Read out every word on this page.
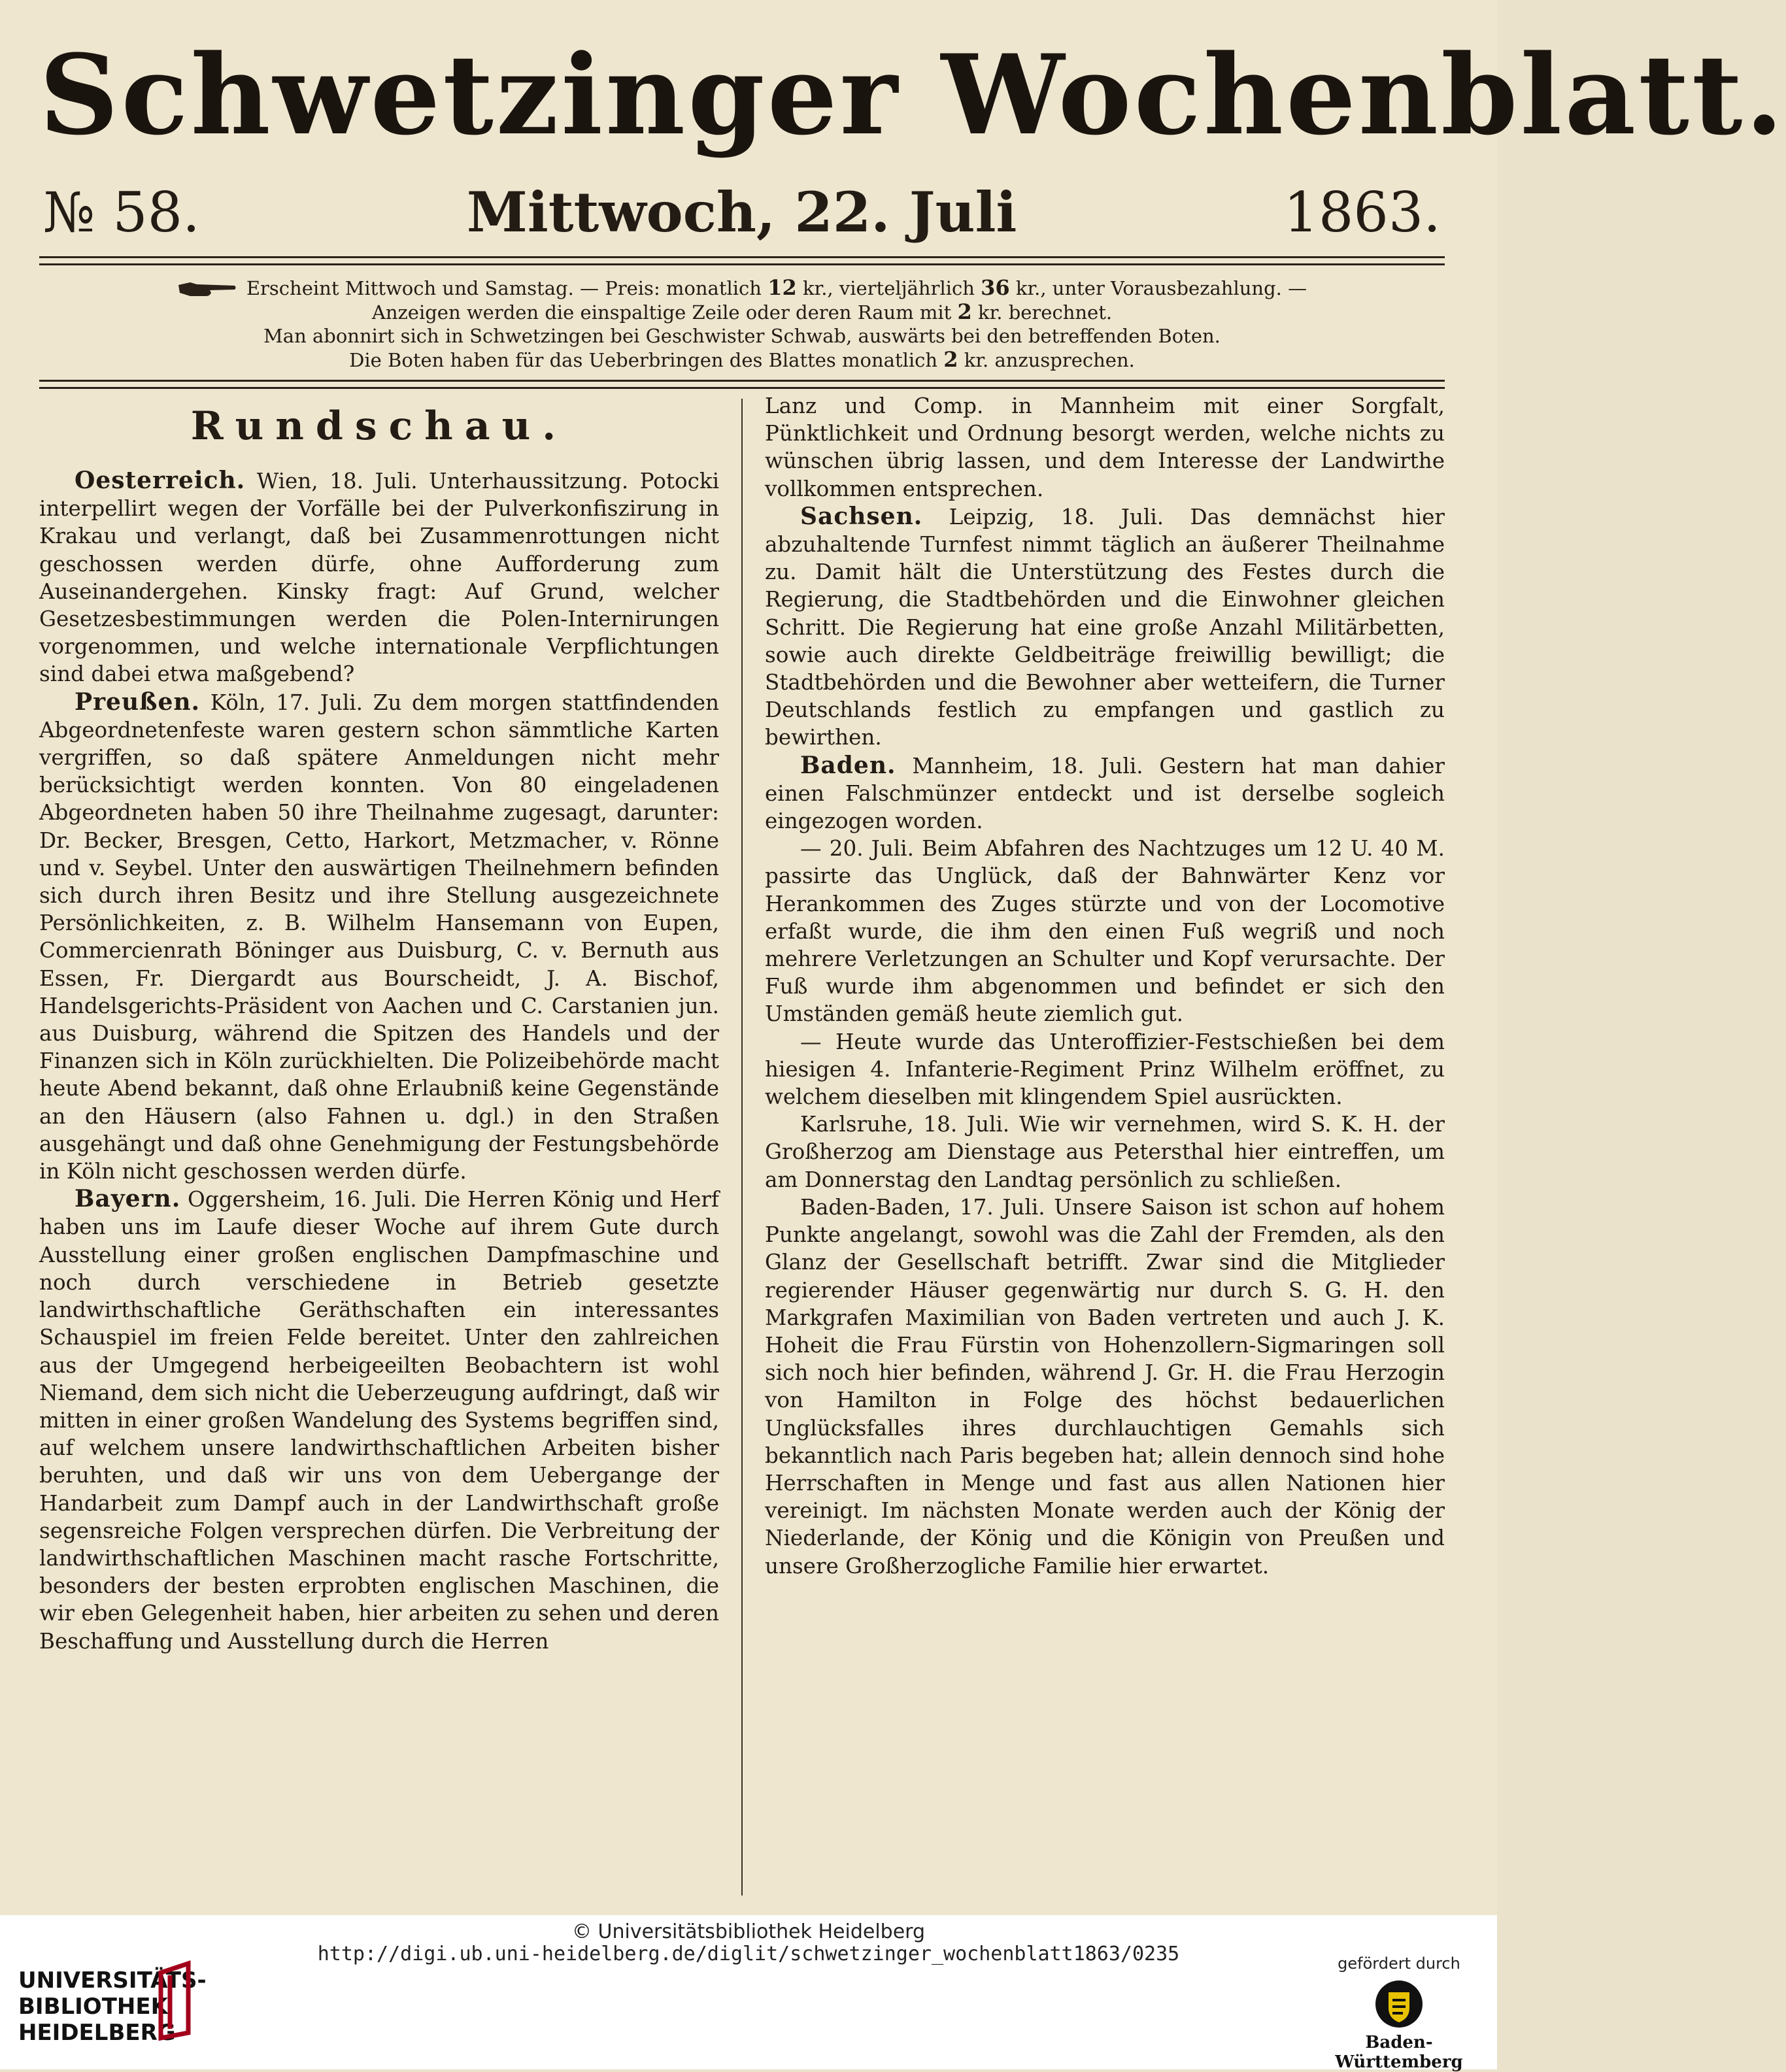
Schwetzinger Wochenblatt.
№ 58.	Mittwoch, 22. Juli	1863.
Erscheint Mittwoch und Samstag. — Preis: monatlich 12 kr., vierteljährlich 36 kr., unter Vorausbezahlung. —
Anzeigen werden die einspaltige Zeile oder deren Raum mit 2 kr. berechnet.
Man abonnirt sich in Schwetzingen bei Geschwister Schwab, auswärts bei den betreffenden Boten.
Die Boten haben für das Ueberbringen des Blattes monatlich 2 kr. anzusprechen.
Rundschau.

Oesterreich. Wien, 18. Juli. Unterhaussitzung. Potocki interpellirt wegen der Vorfälle bei der Pulverkonfiszirung in Krakau und verlangt, daß bei Zusammenrottungen nicht geschossen werden dürfe, ohne Aufforderung zum Auseinandergehen. Kinsky fragt: Auf Grund, welcher Gesetzesbestimmungen werden die Polen-Internirungen vorgenommen, und welche internationale Verpflichtungen sind dabei etwa maßgebend?

Preußen. Köln, 17. Juli. Zu dem morgen stattfindenden Abgeordnetenfeste waren gestern schon sämmtliche Karten vergriffen, so daß spätere Anmeldungen nicht mehr berücksichtigt werden konnten. Von 80 eingeladenen Abgeordneten haben 50 ihre Theilnahme zugesagt, darunter: Dr. Becker, Bresgen, Cetto, Harkort, Metzmacher, v. Rönne und v. Seybel. Unter den auswärtigen Theilnehmern befinden sich durch ihren Besitz und ihre Stellung ausgezeichnete Persönlichkeiten, z. B. Wilhelm Hansemann von Eupen, Commercienrath Böninger aus Duisburg, C. v. Bernuth aus Essen, Fr. Diergardt aus Bourscheidt, J. A. Bischof, Handelsgerichts-Präsident von Aachen und C. Carstanien jun. aus Duisburg, während die Spitzen des Handels und der Finanzen sich in Köln zurückhielten. Die Polizeibehörde macht heute Abend bekannt, daß ohne Erlaubniß keine Gegenstände an den Häusern (also Fahnen u. dgl.) in den Straßen ausgehängt und daß ohne Genehmigung der Festungsbehörde in Köln nicht geschossen werden dürfe.

Bayern. Oggersheim, 16. Juli. Die Herren König und Herf haben uns im Laufe dieser Woche auf ihrem Gute durch Ausstellung einer großen englischen Dampfmaschine und noch durch verschiedene in Betrieb gesetzte landwirthschaftliche Geräthschaften ein interessantes Schauspiel im freien Felde bereitet. Unter den zahlreichen aus der Umgegend herbeigeeilten Beobachtern ist wohl Niemand, dem sich nicht die Ueberzeugung aufdringt, daß wir mitten in einer großen Wandelung des Systems begriffen sind, auf welchem unsere landwirthschaftlichen Arbeiten bisher beruhten, und daß wir uns von dem Uebergange der Handarbeit zum Dampf auch in der Landwirthschaft große segensreiche Folgen versprechen dürfen. Die Verbreitung der landwirthschaftlichen Maschinen macht rasche Fortschritte, besonders der besten erprobten englischen Maschinen, die wir eben Gelegenheit haben, hier arbeiten zu sehen und deren Beschaffung und Ausstellung durch die Herren

Lanz und Comp. in Mannheim mit einer Sorgfalt, Pünktlichkeit und Ordnung besorgt werden, welche nichts zu wünschen übrig lassen, und dem Interesse der Landwirthe vollkommen entsprechen.

Sachsen. Leipzig, 18. Juli. Das demnächst hier abzuhaltende Turnfest nimmt täglich an äußerer Theilnahme zu. Damit hält die Unterstützung des Festes durch die Regierung, die Stadtbehörden und die Einwohner gleichen Schritt. Die Regierung hat eine große Anzahl Militärbetten, sowie auch direkte Geldbeiträge freiwillig bewilligt; die Stadtbehörden und die Bewohner aber wetteifern, die Turner Deutschlands festlich zu empfangen und gastlich zu bewirthen.

Baden. Mannheim, 18. Juli. Gestern hat man dahier einen Falschmünzer entdeckt und ist derselbe sogleich eingezogen worden.

— 20. Juli. Beim Abfahren des Nachtzuges um 12 U. 40 M. passirte das Unglück, daß der Bahnwärter Kenz vor Herankommen des Zuges stürzte und von der Locomotive erfaßt wurde, die ihm den einen Fuß wegriß und noch mehrere Verletzungen an Schulter und Kopf verursachte. Der Fuß wurde ihm abgenommen und befindet er sich den Umständen gemäß heute ziemlich gut.

— Heute wurde das Unteroffizier-Festschießen bei dem hiesigen 4. Infanterie-Regiment Prinz Wilhelm eröffnet, zu welchem dieselben mit klingendem Spiel ausrückten.

Karlsruhe, 18. Juli. Wie wir vernehmen, wird S. K. H. der Großherzog am Dienstage aus Petersthal hier eintreffen, um am Donnerstag den Landtag persönlich zu schließen.

Baden-Baden, 17. Juli. Unsere Saison ist schon auf hohem Punkte angelangt, sowohl was die Zahl der Fremden, als den Glanz der Gesellschaft betrifft. Zwar sind die Mitglieder regierender Häuser gegenwärtig nur durch S. G. H. den Markgrafen Maximilian von Baden vertreten und auch J. K. Hoheit die Frau Fürstin von Hohenzollern-Sigmaringen soll sich noch hier befinden, während J. Gr. H. die Frau Herzogin von Hamilton in Folge des höchst bedauerlichen Unglücksfalles ihres durchlauchtigen Gemahls sich bekanntlich nach Paris begeben hat; allein dennoch sind hohe Herrschaften in Menge und fast aus allen Nationen hier vereinigt. Im nächsten Monate werden auch der König der Niederlande, der König und die Königin von Preußen und unsere Großherzogliche Familie hier erwartet.

UNIVERSITÄTS-
BIBLIOTHEK
HEIDELBERG
gefördert durch
Baden-Württemberg
© Universitätsbibliothek Heidelberg
http://digi.ub.uni-heidelberg.de/diglit/schwetzinger_wochenblatt1863/0235
